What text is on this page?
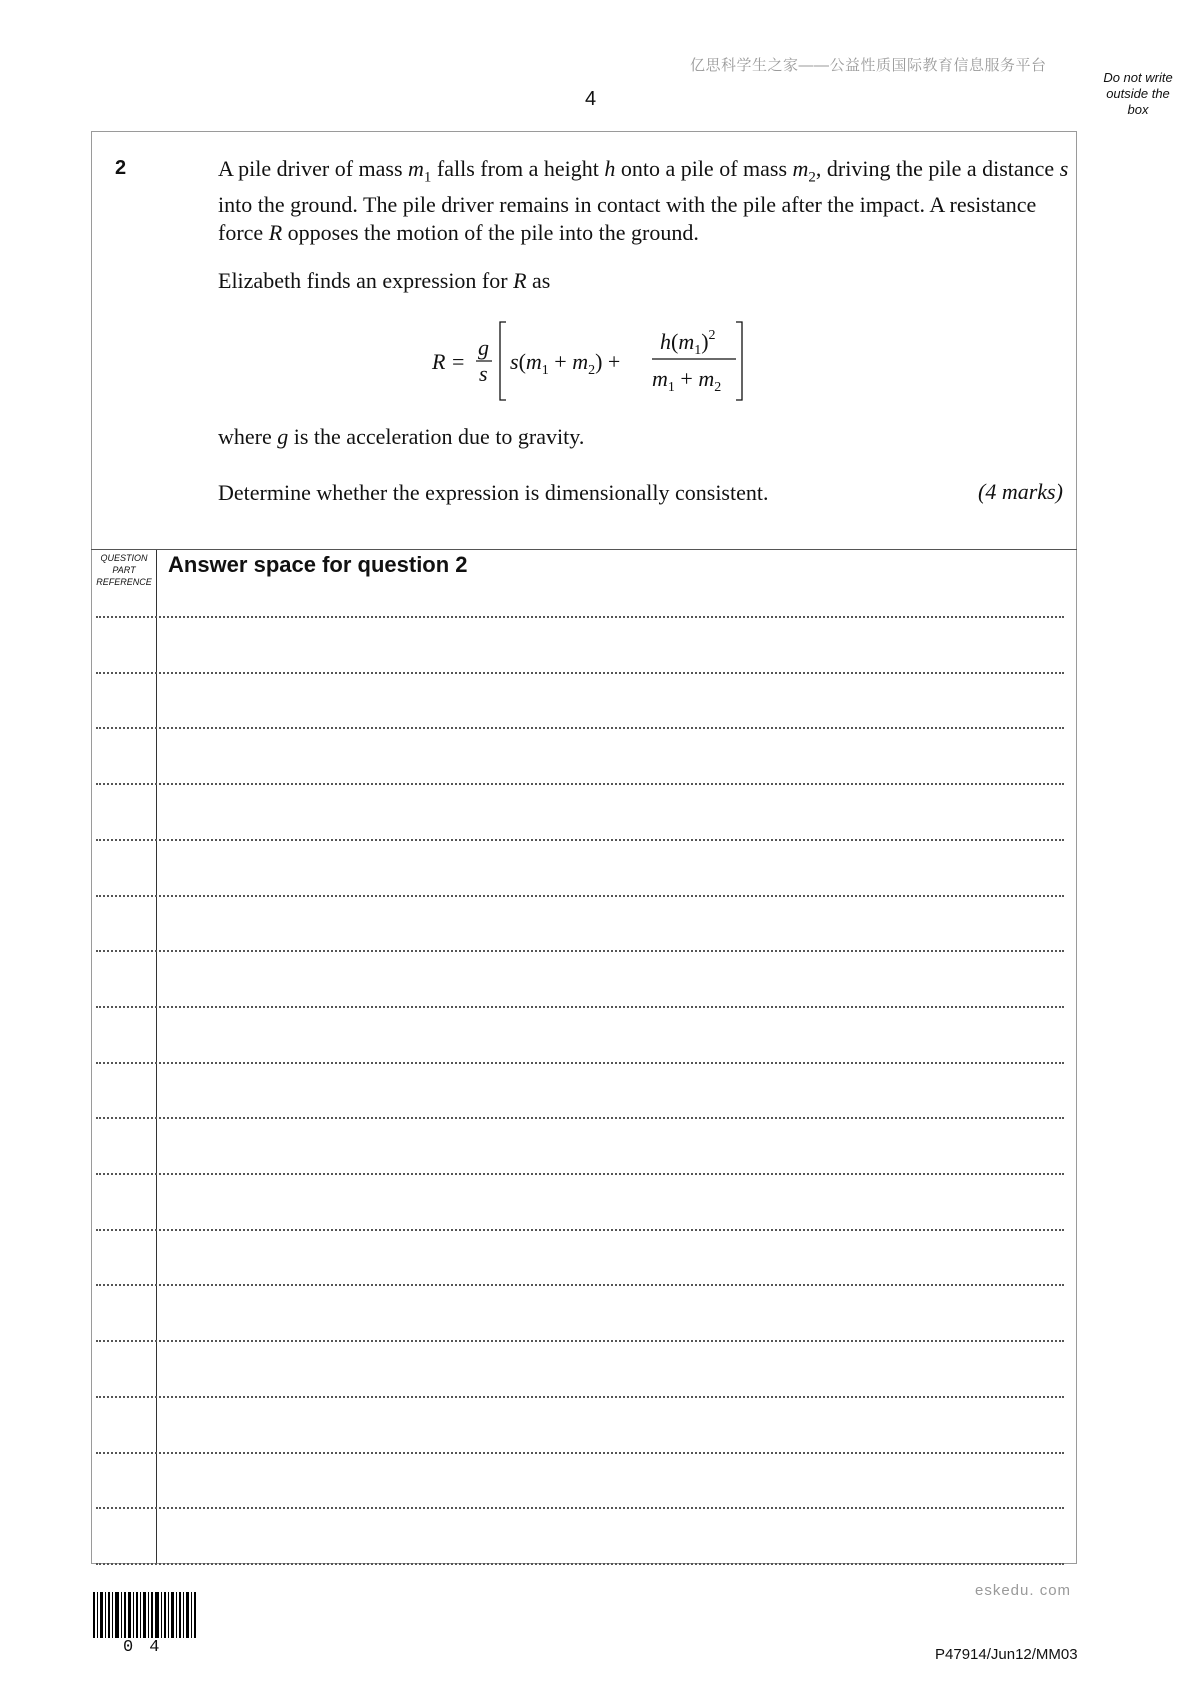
亿思科学生之家——公益性质国际教育信息服务平台
4
Do not write outside the box
2	A pile driver of mass $m_1$ falls from a height h onto a pile of mass $m_2$, driving the pile a distance s into the ground. The pile driver remains in contact with the pile after the impact. A resistance force R opposes the motion of the pile into the ground.
Elizabeth finds an expression for R as
R =
g
s $s(m_1 + m_2)$ +
$h(m_1)^2$
$m_1 + m_2$
where g is the acceleration due to gravity.
Determine whether the expression is dimensionally consistent.	(4 marks)
QUESTION PART REFERENCE
Answer space for question 2
eskedu. com
04	P47914/Jun12/MM03
